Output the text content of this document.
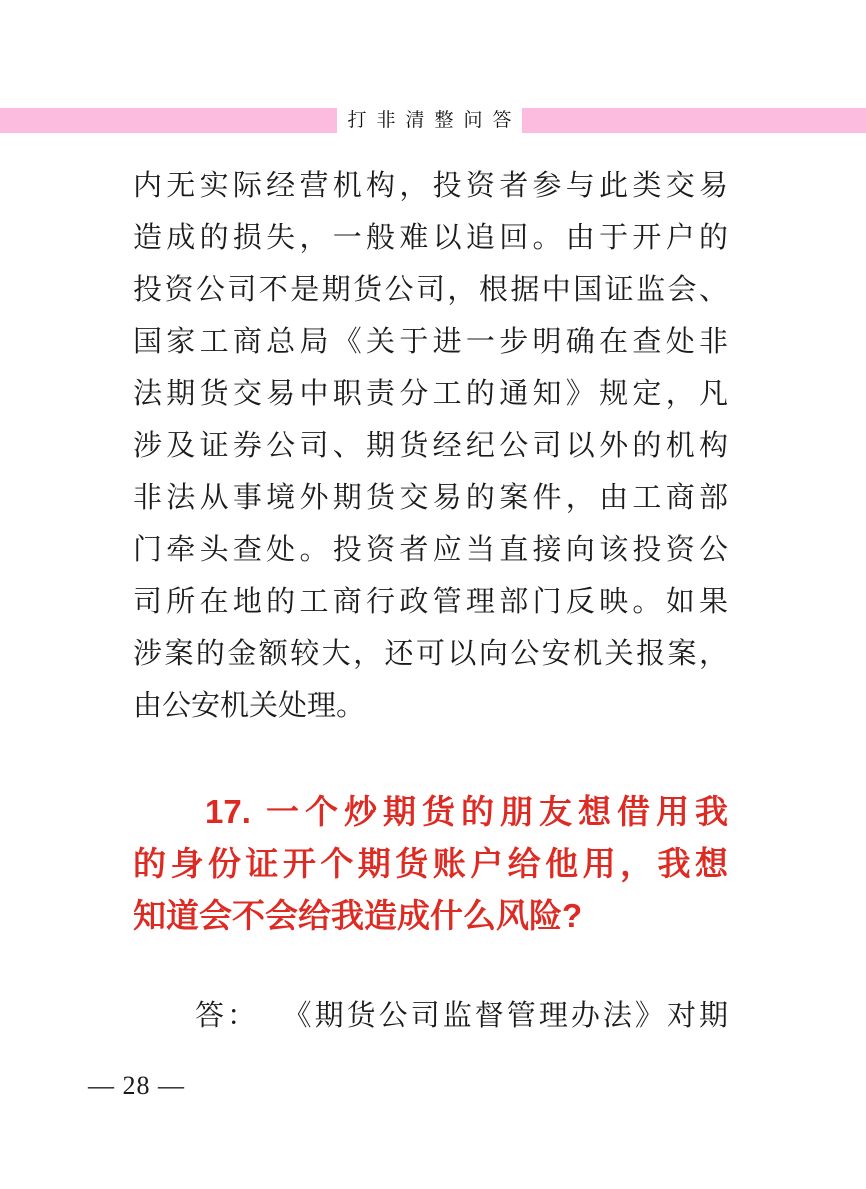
打非清整问答
内无实际经营机构，投资者参与此类交易
造成的损失，一般难以追回。由于开户的
投资公司不是期货公司，根据中国证监会、
国家工商总局《关于进一步明确在查处非
法期货交易中职责分工的通知》规定，凡
涉及证券公司、期货经纪公司以外的机构
非法从事境外期货交易的案件，由工商部
门牵头查处。投资者应当直接向该投资公
司所在地的工商行政管理部门反映。如果
涉案的金额较大，还可以向公安机关报案，
由公安机关处理。
17. 一个炒期货的朋友想借用我
的身份证开个期货账户给他用，我想
知道会不会给我造成什么风险?
答： 《期货公司监督管理办法》对期
— 28 —
